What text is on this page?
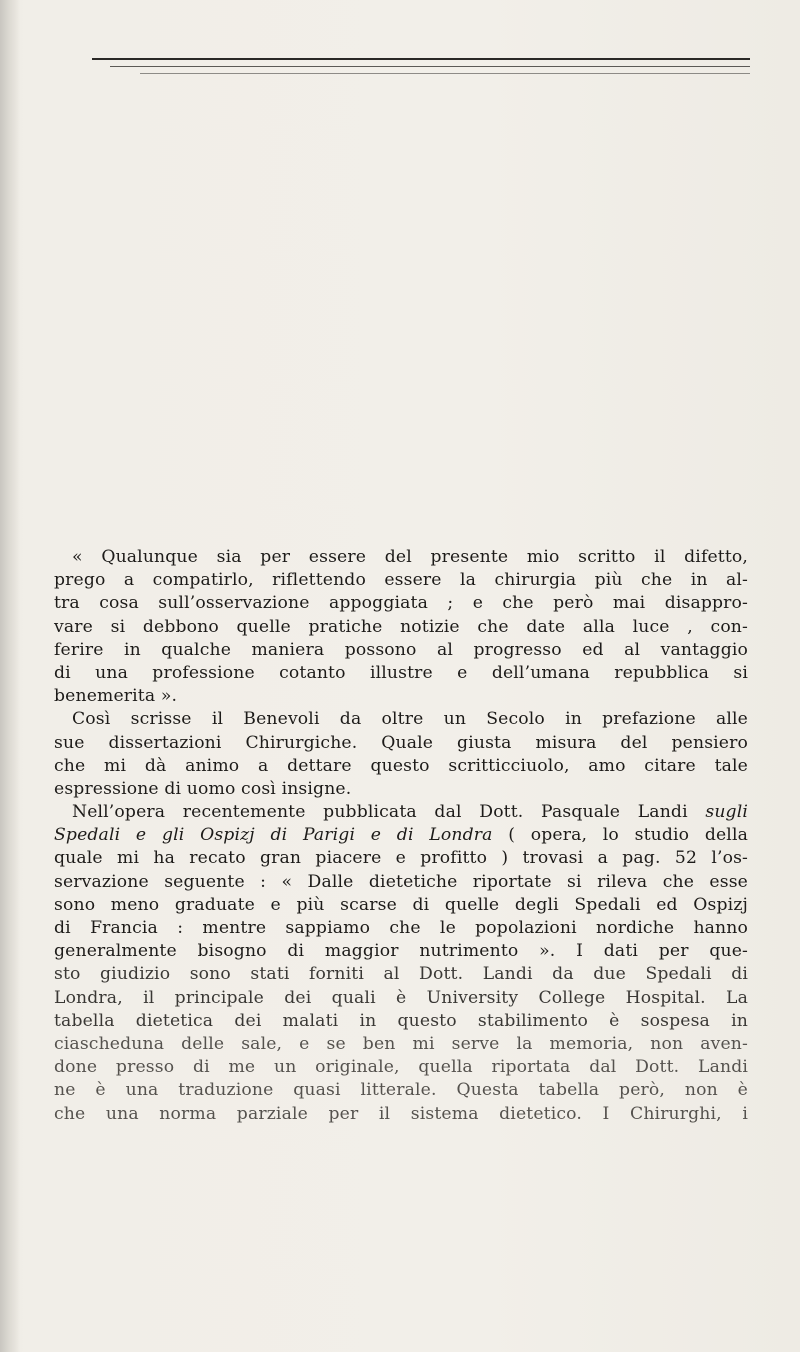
« Qualunque sia per essere del presente mio scritto il difetto,
prego a compatirlo, riflettendo essere la chirurgia più che in al-
tra cosa sull’osservazione appoggiata ; e che però mai disappro-
vare si debbono quelle pratiche notizie che date alla luce , con-
ferire in qualche maniera possono al progresso ed al vantaggio
di una professione cotanto illustre e dell’umana repubblica si
benemerita ».
Così scrisse il Benevoli da oltre un Secolo in prefazione alle
sue dissertazioni Chirurgiche. Quale giusta misura del pensiero
che mi dà animo a dettare questo scritticciuolo, amo citare tale
espressione di uomo così insigne.
Nell’opera recentemente pubblicata dal Dott. Pasquale Landi sugli
Spedali e gli Ospizj di Parigi e di Londra ( opera, lo studio della
quale mi ha recato gran piacere e profitto ) trovasi a pag. 52 l’os-
servazione seguente : « Dalle dietetiche riportate si rileva che esse
sono meno graduate e più scarse di quelle degli Spedali ed Ospizj
di Francia : mentre sappiamo che le popolazioni nordiche hanno
generalmente bisogno di maggior nutrimento ». I dati per que-
sto giudizio sono stati forniti al Dott. Landi da due Spedali di
Londra, il principale dei quali è University College Hospital. La
tabella dietetica dei malati in questo stabilimento è sospesa in
ciascheduna delle sale, e se ben mi serve la memoria, non aven-
done presso di me un originale, quella riportata dal Dott. Landi
ne è una traduzione quasi litterale. Questa tabella però, non è
che una norma parziale per il sistema dietetico. I Chirurghi, i
